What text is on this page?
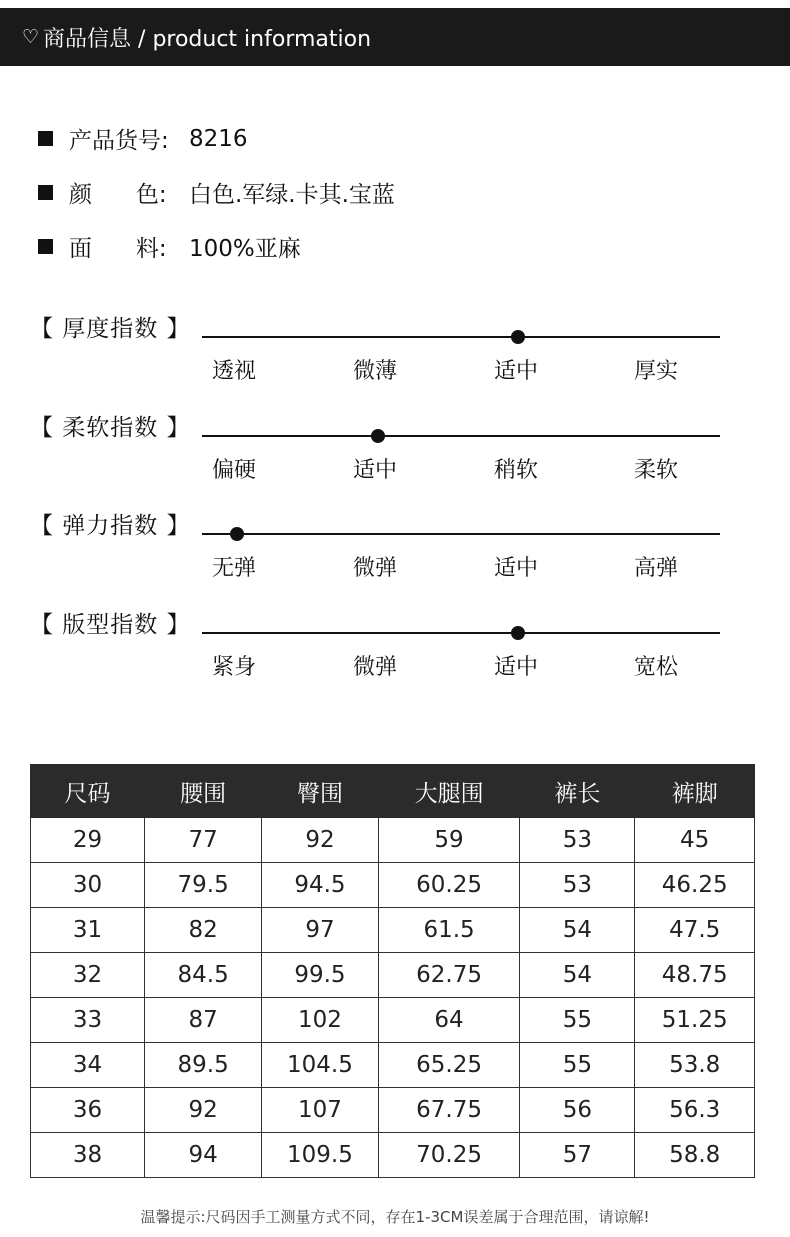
♡ 商品信息 / product information
产品货号: 8216
颜      色: 白色.军绿.卡其.宝蓝
面      料: 100%亚麻
【 厚度指数 】
透视	微薄	适中	厚实
【 柔软指数 】
偏硬	适中	稍软	柔软
【 弹力指数 】
无弹	微弹	适中	高弹
【 版型指数 】
紧身	微弹	适中	宽松
尺码	腰围	臀围	大腿围	裤长	裤脚
29	77	92	59	53	45
30	79.5	94.5	60.25	53	46.25
31	82	97	61.5	54	47.5
32	84.5	99.5	62.75	54	48.75
33	87	102	64	55	51.25
34	89.5	104.5	65.25	55	53.8
36	92	107	67.75	56	56.3
38	94	109.5	70.25	57	58.8
温馨提示:尺码因手工测量方式不同，存在1-3CM误差属于合理范围，请谅解!
